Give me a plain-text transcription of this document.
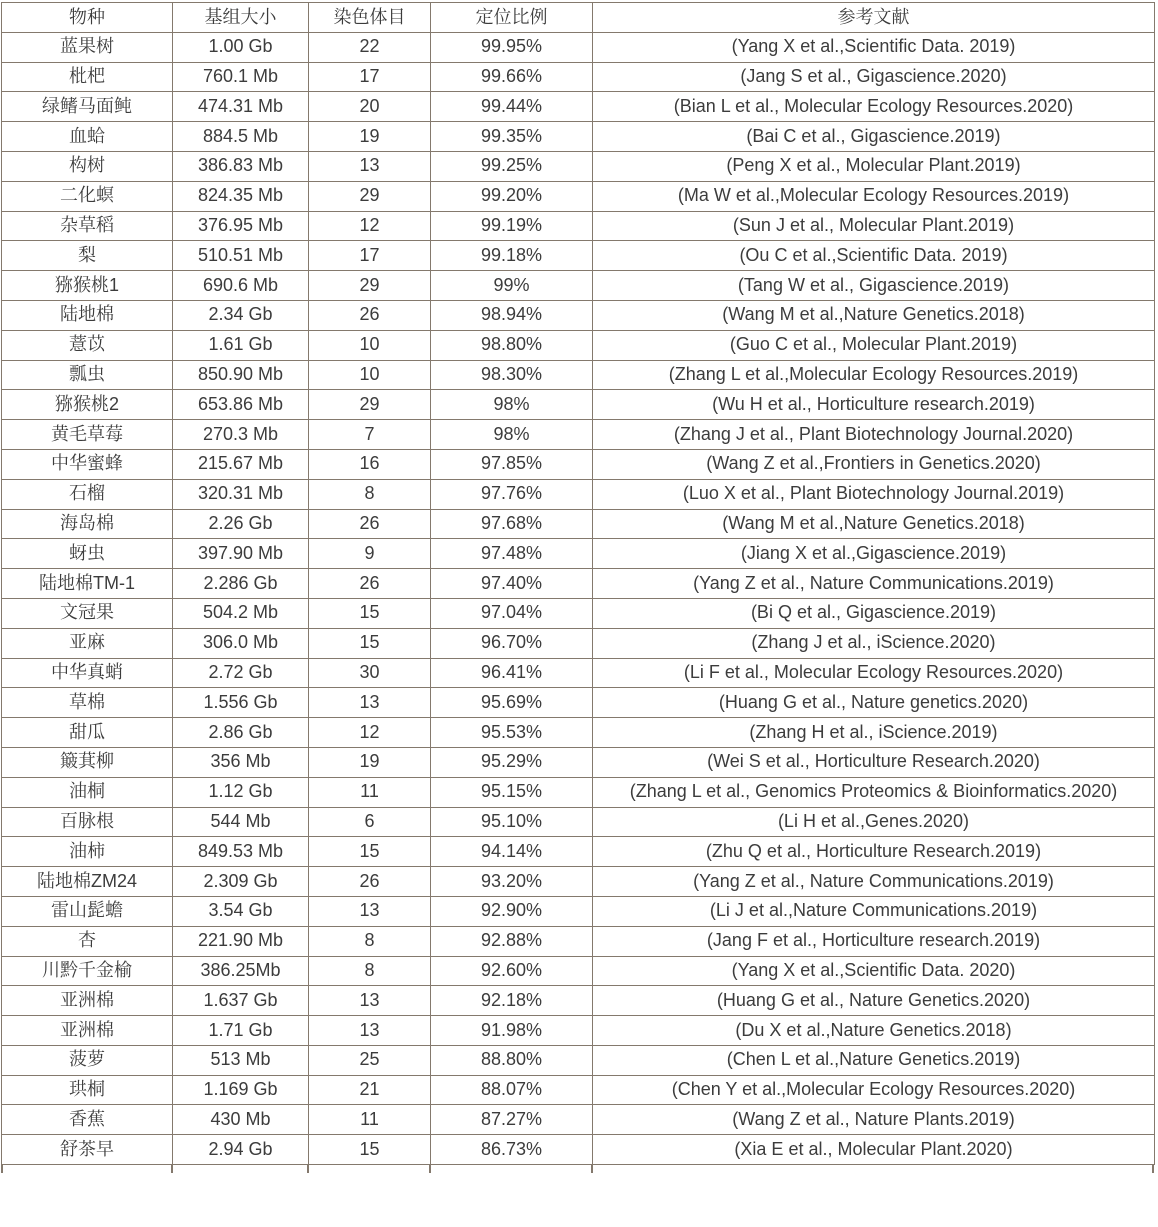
物种	基组大小	染色体目	定位比例	参考文献
蓝果树	1.00 Gb	22	99.95%	(Yang X et al.,Scientific Data. 2019)
枇杷	760.1 Mb	17	99.66%	(Jang S et al., Gigascience.2020)
绿鳍马面鲀	474.31 Mb	20	99.44%	(Bian L et al., Molecular Ecology Resources.2020)
血蛤	884.5 Mb	19	99.35%	(Bai C et al., Gigascience.2019)
构树	386.83 Mb	13	99.25%	(Peng X et al., Molecular Plant.2019)
二化螟	824.35 Mb	29	99.20%	(Ma W et al.,Molecular Ecology Resources.2019)
杂草稻	376.95 Mb	12	99.19%	(Sun J et al., Molecular Plant.2019)
梨	510.51 Mb	17	99.18%	(Ou C et al.,Scientific Data. 2019)
猕猴桃1	690.6 Mb	29	99%	(Tang W et al., Gigascience.2019)
陆地棉	2.34 Gb	26	98.94%	(Wang M et al.,Nature Genetics.2018)
薏苡	1.61 Gb	10	98.80%	(Guo C et al., Molecular Plant.2019)
瓢虫	850.90 Mb	10	98.30%	(Zhang L et al.,Molecular Ecology Resources.2019)
猕猴桃2	653.86 Mb	29	98%	(Wu H et al., Horticulture research.2019)
黄毛草莓	270.3 Mb	7	98%	(Zhang J et al., Plant Biotechnology Journal.2020)
中华蜜蜂	215.67 Mb	16	97.85%	(Wang Z et al.,Frontiers in Genetics.2020)
石榴	320.31 Mb	8	97.76%	(Luo X et al., Plant Biotechnology Journal.2019)
海岛棉	2.26 Gb	26	97.68%	(Wang M et al.,Nature Genetics.2018)
蚜虫	397.90 Mb	9	97.48%	(Jiang X et al.,Gigascience.2019)
陆地棉TM-1	2.286 Gb	26	97.40%	(Yang Z et al., Nature Communications.2019)
文冠果	504.2 Mb	15	97.04%	(Bi Q et al., Gigascience.2019)
亚麻	306.0 Mb	15	96.70%	(Zhang J et al., iScience.2020)
中华真蛸	2.72 Gb	30	96.41%	(Li F et al., Molecular Ecology Resources.2020)
草棉	1.556 Gb	13	95.69%	(Huang G et al., Nature genetics.2020)
甜瓜	2.86 Gb	12	95.53%	(Zhang H et al., iScience.2019)
簸萁柳	356 Mb	19	95.29%	(Wei S et al., Horticulture Research.2020)
油桐	1.12 Gb	11	95.15%	(Zhang L et al., Genomics Proteomics & Bioinformatics.2020)
百脉根	544 Mb	6	95.10%	(Li H et al.,Genes.2020)
油柿	849.53 Mb	15	94.14%	(Zhu Q et al., Horticulture Research.2019)
陆地棉ZM24	2.309 Gb	26	93.20%	(Yang Z et al., Nature Communications.2019)
雷山髭蟾	3.54 Gb	13	92.90%	(Li J et al.,Nature Communications.2019)
杏	221.90 Mb	8	92.88%	(Jang F et al., Horticulture research.2019)
川黔千金榆	386.25Mb	8	92.60%	(Yang X et al.,Scientific Data. 2020)
亚洲棉	1.637 Gb	13	92.18%	(Huang G et al., Nature Genetics.2020)
亚洲棉	1.71 Gb	13	91.98%	(Du X et al.,Nature Genetics.2018)
菠萝	513 Mb	25	88.80%	(Chen L et al.,Nature Genetics.2019)
珙桐	1.169 Gb	21	88.07%	(Chen Y et al.,Molecular Ecology Resources.2020)
香蕉	430 Mb	11	87.27%	(Wang Z et al., Nature Plants.2019)
舒茶早	2.94 Gb	15	86.73%	(Xia E et al., Molecular Plant.2020)
